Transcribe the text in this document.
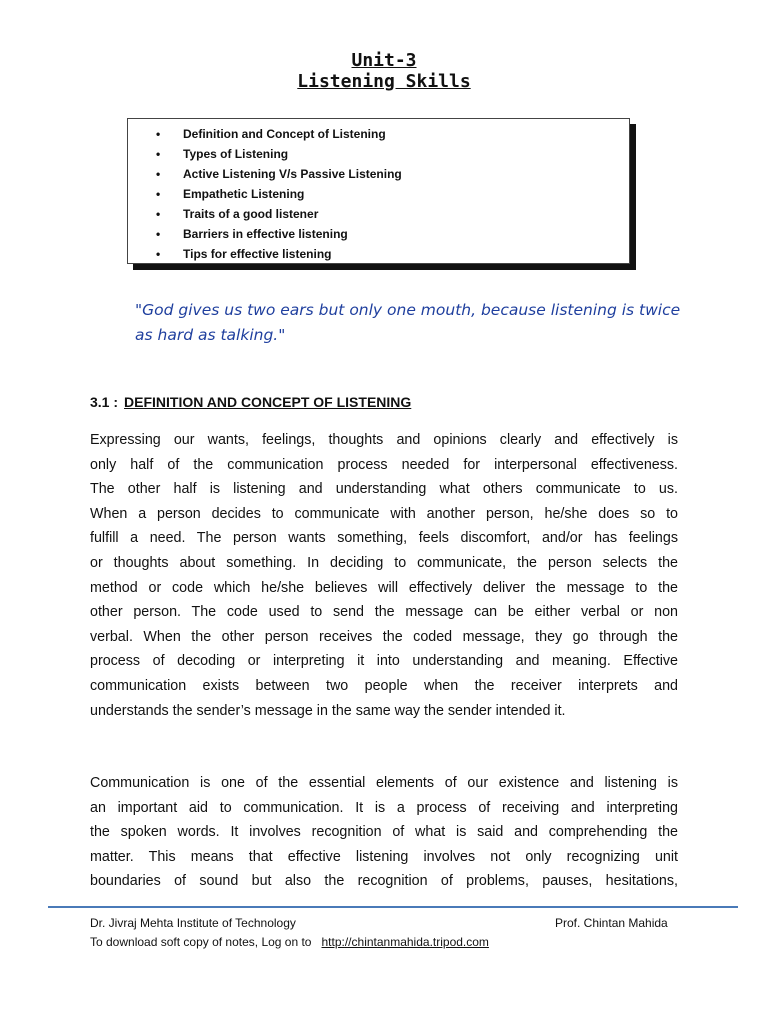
Unit-3
Listening Skills
•	Definition and Concept of Listening
•	Types of Listening
•	Active Listening V/s Passive Listening
•	Empathetic Listening
•	Traits of a good listener
•	Barriers in effective listening
•	Tips for effective listening
"God gives us two ears but only one mouth, because listening is twice as hard as talking."
3.1 : DEFINITION AND CONCEPT OF LISTENING
Expressing our wants, feelings, thoughts and opinions clearly and effectively is
only half of the communication process needed for interpersonal effectiveness.
The other half is listening and understanding what others communicate to us.
When a person decides to communicate with another person, he/she does so to
fulfill a need. The person wants something, feels discomfort, and/or has feelings
or thoughts about something. In deciding to communicate, the person selects the
method or code which he/she believes will effectively deliver the message to the
other person. The code used to send the message can be either verbal or non
verbal. When the other person receives the coded message, they go through the
process of decoding or interpreting it into understanding and meaning. Effective
communication exists between two people when the receiver interprets and
understands the sender’s message in the same way the sender intended it.
Communication is one of the essential elements of our existence and listening is
an important aid to communication. It is a process of receiving and interpreting
the spoken words. It involves recognition of what is said and comprehending the
matter. This means that effective listening involves not only recognizing unit
boundaries of sound but also the recognition of problems, pauses, hesitations,
Dr. Jivraj Mehta Institute of Technology	Prof. Chintan Mahida
To download soft copy of notes, Log on to http://chintanmahida.tripod.com
